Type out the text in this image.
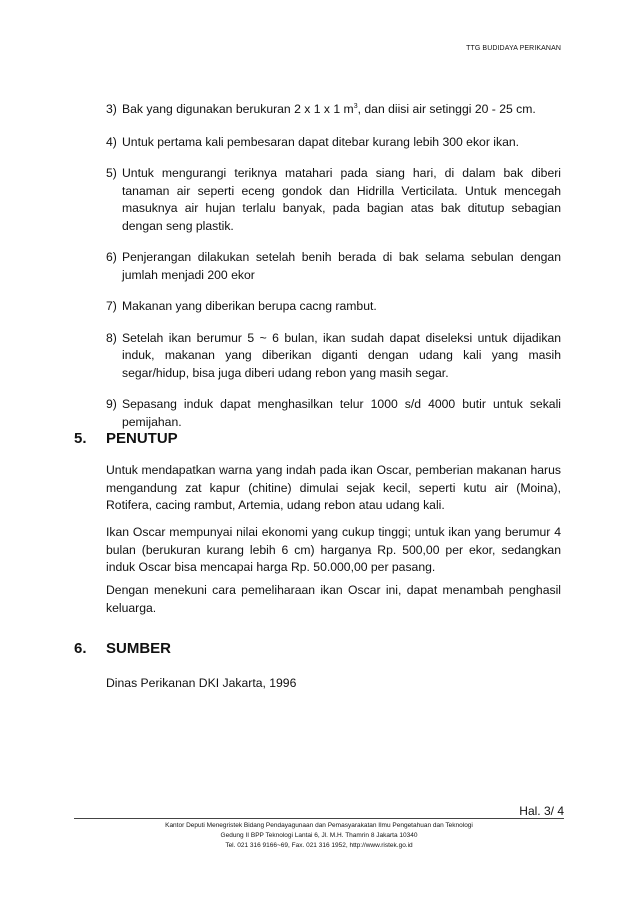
TTG BUDIDAYA PERIKANAN
3) Bak yang digunakan berukuran 2 x 1 x 1 $m^3$, dan diisi air setinggi 20 - 25 cm.
4) Untuk pertama kali pembesaran dapat ditebar kurang lebih 300 ekor ikan.
5) Untuk mengurangi teriknya matahari pada siang hari, di dalam bak diberi tanaman air seperti eceng gondok dan Hidrilla Verticilata. Untuk mencegah masuknya air hujan terlalu banyak, pada bagian atas bak ditutup sebagian dengan seng plastik.
6) Penjerangan dilakukan setelah benih berada di bak selama sebulan dengan jumlah menjadi 200 ekor
7) Makanan yang diberikan berupa cacng rambut.
8) Setelah ikan berumur 5 ~ 6 bulan, ikan sudah dapat diseleksi untuk dijadikan induk, makanan yang diberikan diganti dengan udang kali yang masih segar/hidup, bisa juga diberi udang rebon yang masih segar.
9) Sepasang induk dapat menghasilkan telur 1000 s/d 4000 butir untuk sekali pemijahan.
5.	PENUTUP

Untuk mendapatkan warna yang indah pada ikan Oscar, pemberian makanan harus mengandung zat kapur (chitine) dimulai sejak kecil, seperti kutu air (Moina), Rotifera, cacing rambut, Artemia, udang rebon atau udang kali.

Ikan Oscar mempunyai nilai ekonomi yang cukup tinggi; untuk ikan yang berumur 4 bulan (berukuran kurang lebih 6 cm) harganya Rp. 500,00 per ekor, sedangkan induk Oscar bisa mencapai harga Rp. 50.000,00 per pasang.

Dengan menekuni cara pemeliharaan ikan Oscar ini, dapat menambah penghasil keluarga.

6.	SUMBER

Dinas Perikanan DKI Jakarta, 1996

Hal. 3/ 4
Kantor Deputi Menegristek Bidang Pendayagunaan dan Pemasyarakatan Ilmu Pengetahuan dan Teknologi
Gedung II BPP Teknologi Lantai 6, Jl. M.H. Thamrin 8 Jakarta 10340
Tel. 021 316 9166~69, Fax. 021 316 1952, http://www.ristek.go.id
